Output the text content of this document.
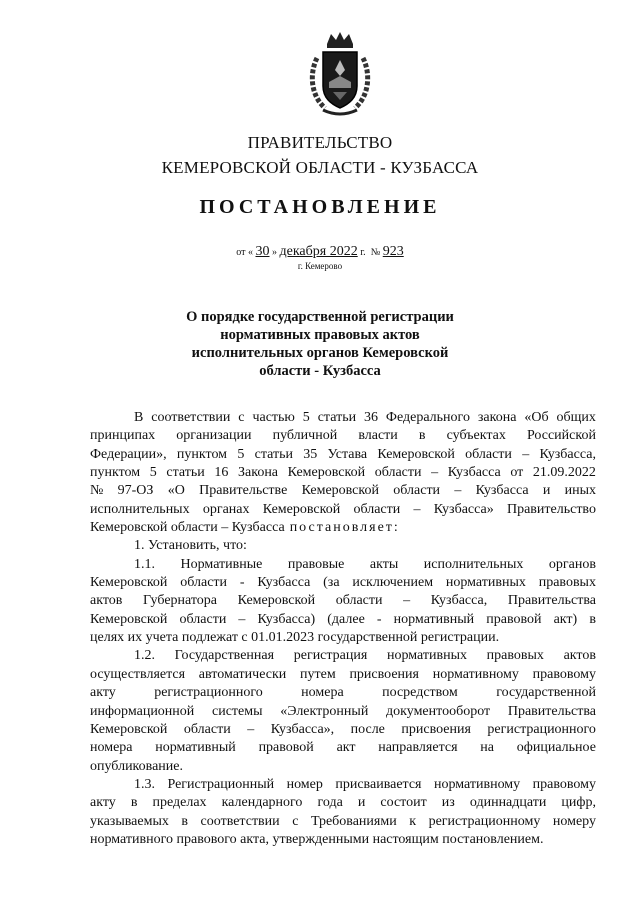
ПРАВИТЕЛЬСТВО
КЕМЕРОВСКОЙ ОБЛАСТИ - КУЗБАССА
ПОСТАНОВЛЕНИЕ
от « 30 » декабря 2022 г. № 923
г. Кемерово
О порядке государственной регистрации
нормативных правовых актов
исполнительных органов Кемеровской
области - Кузбасса
В соответствии с частью 5 статьи 36 Федерального закона «Об общих
принципах организации публичной власти в субъектах Российской
Федерации», пунктом 5 статьи 35 Устава Кемеровской области – Кузбасса,
пунктом 5 статьи 16 Закона Кемеровской области – Кузбасса от 21.09.2022
№ 97-ОЗ «О Правительстве Кемеровской области – Кузбасса и иных
исполнительных органах Кемеровской области – Кузбасса» Правительство
Кемеровской области – Кузбасса постановляет:
1. Установить, что:
1.1. Нормативные правовые акты исполнительных органов
Кемеровской области - Кузбасса (за исключением нормативных правовых
актов Губернатора Кемеровской области – Кузбасса, Правительства
Кемеровской области – Кузбасса) (далее - нормативный правовой акт) в
целях их учета подлежат с 01.01.2023 государственной регистрации.
1.2. Государственная регистрация нормативных правовых актов
осуществляется автоматически путем присвоения нормативному правовому
акту	регистрационного	номера	посредством	государственной
информационной системы «Электронный документооборот Правительства
Кемеровской области – Кузбасса», после присвоения регистрационного
номера нормативный правовой акт направляется на официальное
опубликование.
1.3. Регистрационный номер присваивается нормативному правовому
акту в пределах календарного года и состоит из одиннадцати цифр,
указываемых в соответствии с Требованиями к регистрационному номеру
нормативного правового акта, утвержденными настоящим постановлением.
